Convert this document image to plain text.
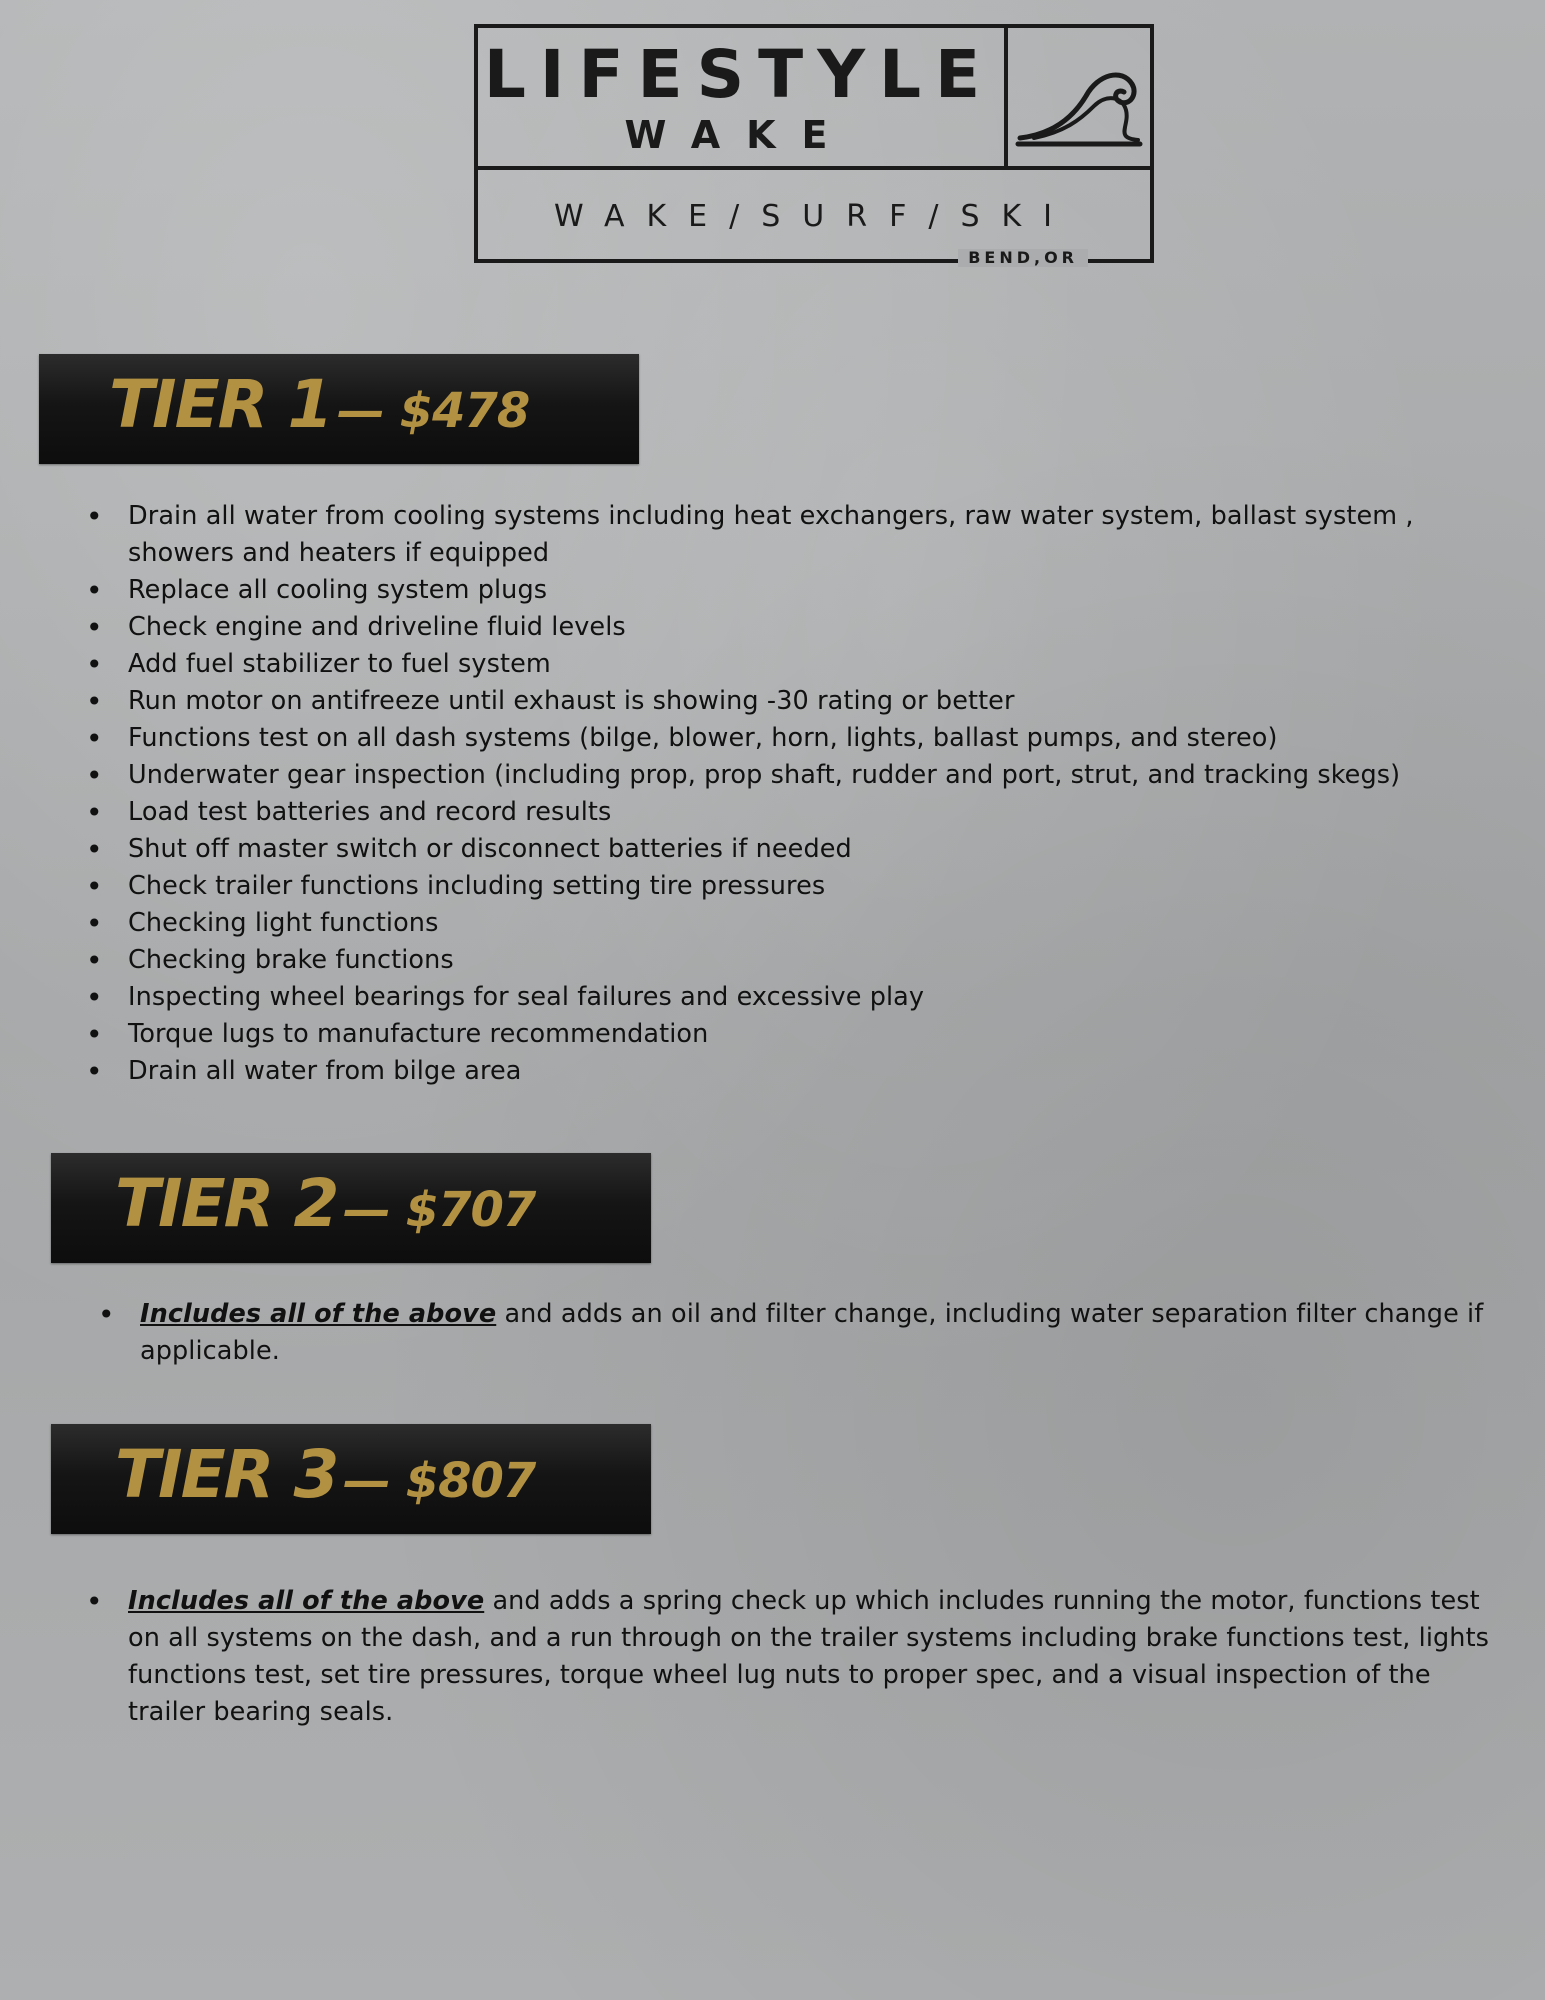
LIFESTYLE
WAKE
WAKE/SURF/SKI
BEND,OR
TIER 1 — $478
• Drain all water from cooling systems including heat exchangers, raw water system, ballast system , showers and heaters if equipped
• Replace all cooling system plugs
• Check engine and driveline fluid levels
• Add fuel stabilizer to fuel system
• Run motor on antifreeze until exhaust is showing -30 rating or better
• Functions test on all dash systems (bilge, blower, horn, lights, ballast pumps, and stereo)
• Underwater gear inspection (including prop, prop shaft, rudder and port, strut, and tracking skegs)
• Load test batteries and record results
• Shut off master switch or disconnect batteries if needed
• Check trailer functions including setting tire pressures
• Checking light functions
• Checking brake functions
• Inspecting wheel bearings for seal failures and excessive play
• Torque lugs to manufacture recommendation
• Drain all water from bilge area
TIER 2 — $707
• Includes all of the above and adds an oil and filter change, including water separation filter change if applicable.
TIER 3 — $807
• Includes all of the above and adds a spring check up which includes running the motor, functions test on all systems on the dash, and a run through on the trailer systems including brake functions test, lights functions test, set tire pressures, torque wheel lug nuts to proper spec, and a visual inspection of the trailer bearing seals.
